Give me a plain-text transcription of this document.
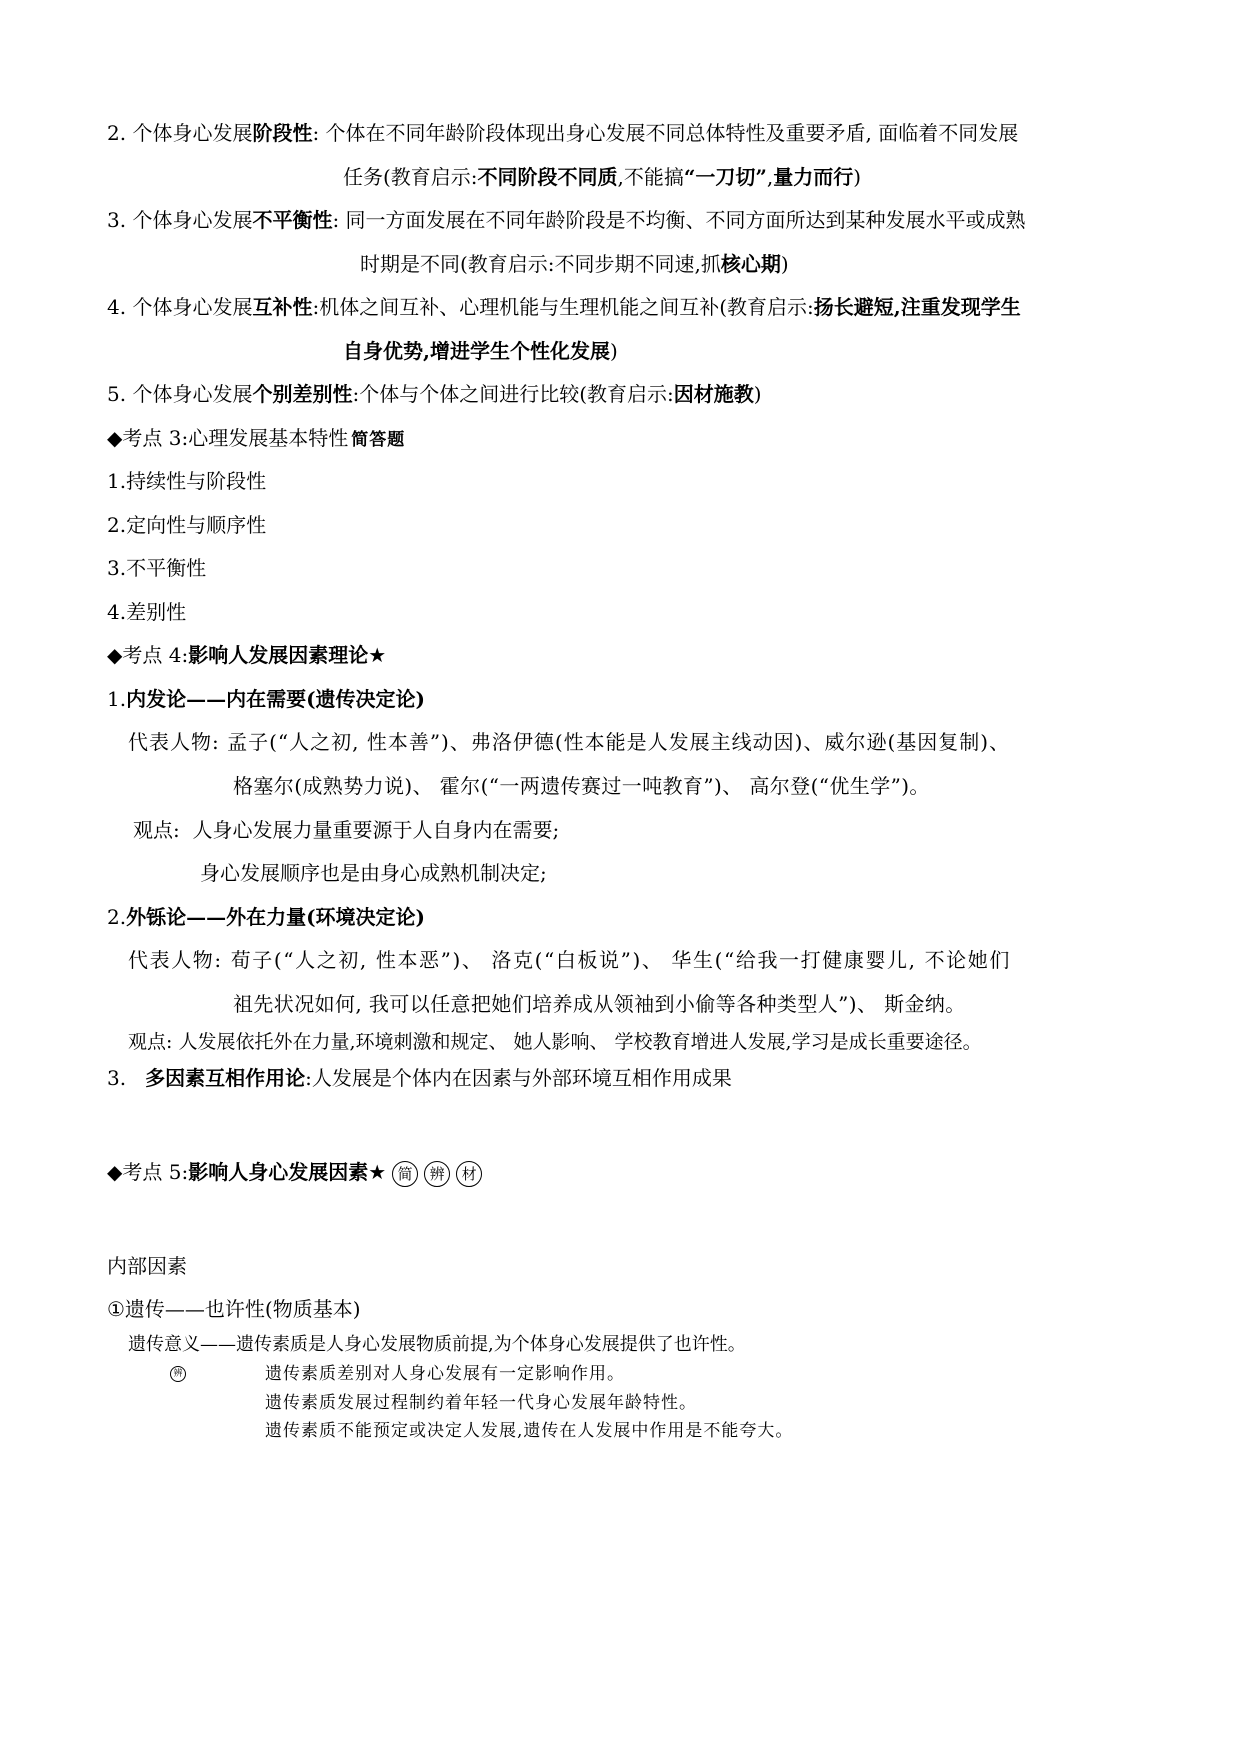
2. 个体身心发展阶段性: 个体在不同年龄阶段体现出身心发展不同总体特性及重要矛盾, 面临着不同发展
任务(教育启示:不同阶段不同质,不能搞“一刀切”,量力而行)
3. 个体身心发展不平衡性: 同一方面发展在不同年龄阶段是不均衡、不同方面所达到某种发展水平或成熟
时期是不同(教育启示:不同步期不同速,抓核心期)
4. 个体身心发展互补性:机体之间互补、心理机能与生理机能之间互补(教育启示:扬长避短,注重发现学生
自身优势,增进学生个性化发展)
5. 个体身心发展个别差别性:个体与个体之间进行比较(教育启示:因材施教)
◆考点 3:心理发展基本特性 简答题
1.持续性与阶段性
2.定向性与顺序性
3.不平衡性
4.差别性
◆考点 4:影响人发展因素理论★
1.内发论——内在需要(遗传决定论)
代表人物: 孟子(“人之初, 性本善”)、弗洛伊德(性本能是人发展主线动因)、威尔逊(基因复制)、
格塞尔(成熟势力说)、 霍尔(“一两遗传赛过一吨教育”)、 高尔登(“优生学”)。
观点:  人身心发展力量重要源于人自身内在需要;
身心发展顺序也是由身心成熟机制决定;
2.外铄论——外在力量(环境决定论)
代表人物: 荀子(“人之初, 性本恶”)、 洛克(“白板说”)、 华生(“给我一打健康婴儿, 不论她们
祖先状况如何, 我可以任意把她们培养成从领袖到小偷等各种类型人”)、 斯金纳。
观点: 人发展依托外在力量,环境刺激和规定、 她人影响、 学校教育增进人发展,学习是成长重要途径。
3.   多因素互相作用论:人发展是个体内在因素与外部环境互相作用成果
◆考点 5:影响人身心发展因素★ 简 辨 材
内部因素
①遗传——也许性(物质基本)
遗传意义——遗传素质是人身心发展物质前提,为个体身心发展提供了也许性。
辨	遗传素质差别对人身心发展有一定影响作用。
遗传素质发展过程制约着年轻一代身心发展年龄特性。
遗传素质不能预定或决定人发展,遗传在人发展中作用是不能夸大。
